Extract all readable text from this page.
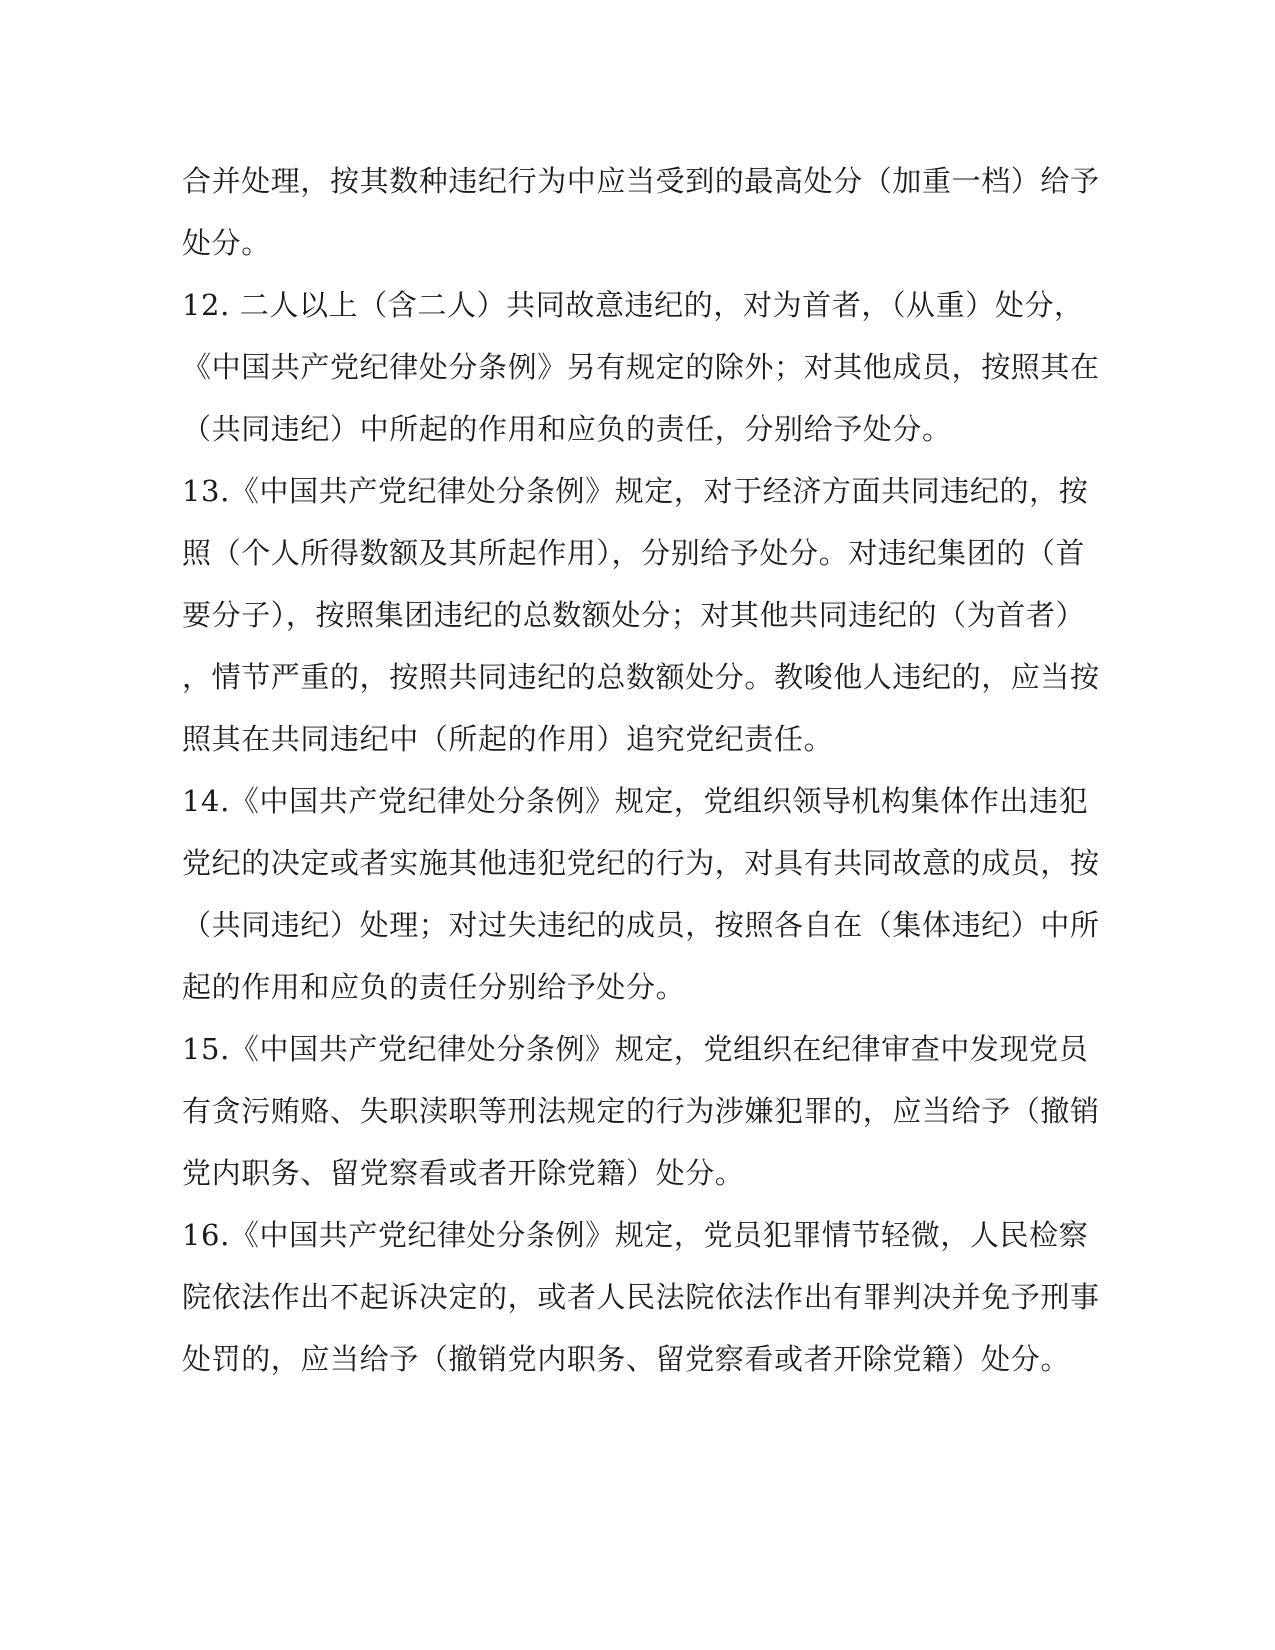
合并处理，按其数种违纪行为中应当受到的最高处分（加重一档）给予
处分。
12. 二人以上（含二人）共同故意违纪的，对为首者，（从重）处分，
《中国共产党纪律处分条例》另有规定的除外；对其他成员，按照其在
（共同违纪）中所起的作用和应负的责任，分别给予处分。
13.《中国共产党纪律处分条例》规定，对于经济方面共同违纪的，按
照（个人所得数额及其所起作用），分别给予处分。对违纪集团的（首
要分子），按照集团违纪的总数额处分；对其他共同违纪的（为首者）
，情节严重的，按照共同违纪的总数额处分。教唆他人违纪的，应当按
照其在共同违纪中（所起的作用）追究党纪责任。
14.《中国共产党纪律处分条例》规定，党组织领导机构集体作出违犯
党纪的决定或者实施其他违犯党纪的行为，对具有共同故意的成员，按
（共同违纪）处理；对过失违纪的成员，按照各自在（集体违纪）中所
起的作用和应负的责任分别给予处分。
15.《中国共产党纪律处分条例》规定，党组织在纪律审查中发现党员
有贪污贿赂、失职渎职等刑法规定的行为涉嫌犯罪的，应当给予（撤销
党内职务、留党察看或者开除党籍）处分。
16.《中国共产党纪律处分条例》规定，党员犯罪情节轻微，人民检察
院依法作出不起诉决定的，或者人民法院依法作出有罪判决并免予刑事
处罚的，应当给予（撤销党内职务、留党察看或者开除党籍）处分。
